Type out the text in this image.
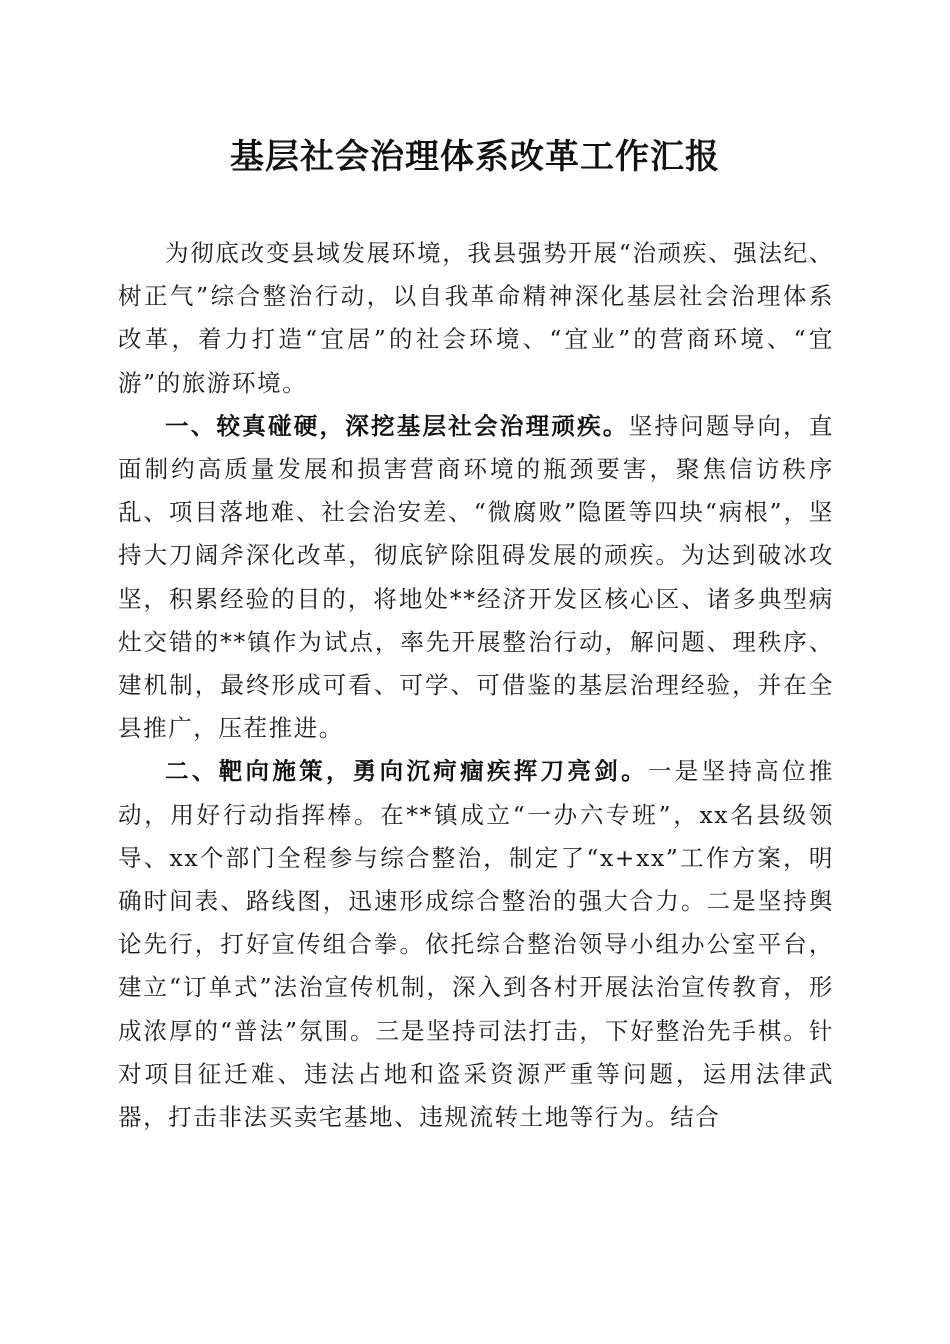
基层社会治理体系改革工作汇报

为彻底改变县域发展环境，我县强势开展“治顽疾、强法纪、树正气”综合整治行动，以自我革命精神深化基层社会治理体系改革，着力打造“宜居”的社会环境、“宜业”的营商环境、“宜游”的旅游环境。

一、较真碰硬，深挖基层社会治理顽疾。坚持问题导向，直面制约高质量发展和损害营商环境的瓶颈要害，聚焦信访秩序乱、项目落地难、社会治安差、“微腐败”隐匿等四块“病根”，坚持大刀阔斧深化改革，彻底铲除阻碍发展的顽疾。为达到破冰攻坚，积累经验的目的，将地处**经济开发区核心区、诸多典型病灶交错的**镇作为试点，率先开展整治行动，解问题、理秩序、建机制，最终形成可看、可学、可借鉴的基层治理经验，并在全县推广，压茬推进。

二、靶向施策，勇向沉疴痼疾挥刀亮剑。一是坚持高位推动，用好行动指挥棒。在**镇成立“一办六专班”，xx名县级领导、xx个部门全程参与综合整治，制定了“x+xx”工作方案，明确时间表、路线图，迅速形成综合整治的强大合力。二是坚持舆论先行，打好宣传组合拳。依托综合整治领导小组办公室平台，建立“订单式”法治宣传机制，深入到各村开展法治宣传教育，形成浓厚的“普法”氛围。三是坚持司法打击，下好整治先手棋。针对项目征迁难、违法占地和盗采资源严重等问题，运用法律武器，打击非法买卖宅基地、违规流转土地等行为。结合
